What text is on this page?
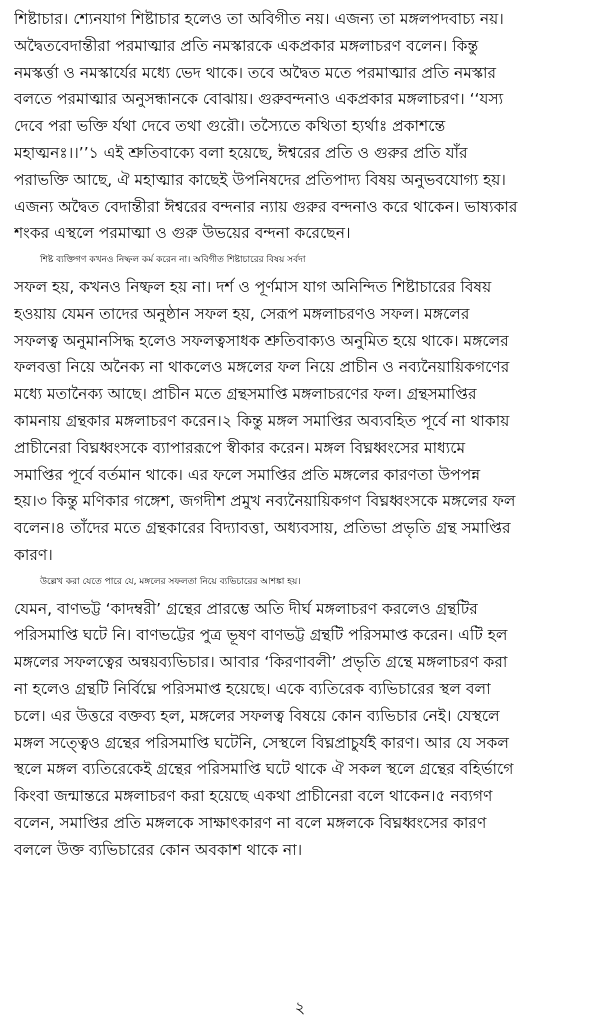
শিষ্টাচার। শ্যেনযাগ শিষ্টাচার হলেও তা অবিগীত নয়। এজন্য তা মঙ্গলপদবাচ্য নয়।
অদ্বৈতবেদান্তীরা পরমাত্মার প্রতি নমস্কারকে একপ্রকার মঙ্গলাচরণ বলেন। কিন্তু
নমস্কর্ত্তা ও নমস্কার্যের মধ্যে ভেদ থাকে। তবে অদ্বৈত মতে পরমাত্মার প্রতি নমস্কার
বলতে পরমাত্মার অনুসন্ধানকে বোঝায়। গুরুবন্দনাও একপ্রকার মঙ্গলাচরণ। ‘‘যস্য
দেবে পরা ভক্তি র্যথা দেবে তথা গুরৌ। তস্যৈতে কথিতা হ্যর্থাঃ প্রকাশন্তে
মহাত্মনঃ।।’’১ এই শ্রুতিবাক্যে বলা হয়েছে, ঈশ্বরের প্রতি ও গুরুর প্রতি যাঁর
পরাভক্তি আছে, ঐ মহাত্মার কাছেই উপনিষদের প্রতিপাদ্য বিষয় অনুভবযোগ্য হয়।
এজন্য অদ্বৈত বেদান্তীরা ঈশ্বরের বন্দনার ন্যায় গুরুর বন্দনাও করে থাকেন। ভাষ্যকার
শংকর এস্থলে পরমাত্মা ও গুরু উভয়ের বন্দনা করেছেন।
শিষ্ট ব্যক্তিগণ কখনও নিষ্ফল কর্ম করেন না। অবিগীত শিষ্টাচারের বিষয় সর্বদা
সফল হয়, কখনও নিষ্ফল হয় না। দর্শ ও পূর্ণমাস যাগ অনিন্দিত শিষ্টাচারের বিষয়
হওয়ায় যেমন তাদের অনুষ্ঠান সফল হয়, সেরূপ মঙ্গলাচরণও সফল। মঙ্গলের
সফলত্ব অনুমানসিদ্ধ হলেও সফলত্বসাধক শ্রুতিবাক্যও অনুমিত হয়ে থাকে। মঙ্গলের
ফলবত্তা নিয়ে অনৈক্য না থাকলেও মঙ্গলের ফল নিয়ে প্রাচীন ও নব্যনৈয়ায়িকগণের
মধ্যে মতানৈক্য আছে। প্রাচীন মতে গ্রন্থসমাপ্তি মঙ্গলাচরণের ফল। গ্রন্থসমাপ্তির
কামনায় গ্রন্থকার মঙ্গলাচরণ করেন।২ কিন্তু মঙ্গল সমাপ্তির অব্যবহিত পূর্বে না থাকায়
প্রাচীনেরা বিঘ্নধ্বংসকে ব্যাপাররূপে স্বীকার করেন। মঙ্গল বিঘ্নধ্বংসের মাধ্যমে
সমাপ্তির পূর্বে বর্তমান থাকে। এর ফলে সমাপ্তির প্রতি মঙ্গলের কারণতা উপপন্ন
হয়।৩ কিন্তু মণিকার গঙ্গেশ, জগদীশ প্রমুখ নব্যনৈয়ায়িকগণ বিঘ্নধ্বংসকে মঙ্গলের ফল
বলেন।৪ তাঁদের মতে গ্রন্থকারের বিদ্যাবত্তা, অধ্যবসায়, প্রতিভা প্রভৃতি গ্রন্থ সমাপ্তির
কারণ।
উল্লেখ করা যেতে পারে যে, মঙ্গলের সফলতা নিয়ে ব্যভিচারের আশঙ্কা হয়।
যেমন, বাণভট্ট ‘কাদম্বরী’ গ্রন্থের প্রারম্ভে অতি দীর্ঘ মঙ্গলাচরণ করলেও গ্রন্থটির
পরিসমাপ্তি ঘটে নি। বাণভট্টের পুত্র ভূষণ বাণভট্ট গ্রন্থটি পরিসমাপ্ত করেন। এটি হল
মঙ্গলের সফলত্বের অন্বয়ব্যভিচার। আবার ‘কিরণাবলী’ প্রভৃতি গ্রন্থে মঙ্গলাচরণ করা
না হলেও গ্রন্থটি নির্বিঘ্নে পরিসমাপ্ত হয়েছে। একে ব্যতিরেক ব্যভিচারের স্থল বলা
চলে। এর উত্তরে বক্তব্য হল, মঙ্গলের সফলত্ব বিষয়ে কোন ব্যভিচার নেই। যেস্থলে
মঙ্গল সত্ত্বেও গ্রন্থের পরিসমাপ্তি ঘটেনি, সেস্থলে বিঘ্নপ্রাচুর্যই কারণ। আর যে সকল
স্থলে মঙ্গল ব্যতিরেকেই গ্রন্থের পরিসমাপ্তি ঘটে থাকে ঐ সকল স্থলে গ্রন্থের বহির্ভাগে
কিংবা জন্মান্তরে মঙ্গলাচরণ করা হয়েছে একথা প্রাচীনেরা বলে থাকেন।৫ নব্যগণ
বলেন, সমাপ্তির প্রতি মঙ্গলকে সাক্ষাৎকারণ না বলে মঙ্গলকে বিঘ্নধ্বংসের কারণ
বললে উক্ত ব্যভিচারের কোন অবকাশ থাকে না।
২
